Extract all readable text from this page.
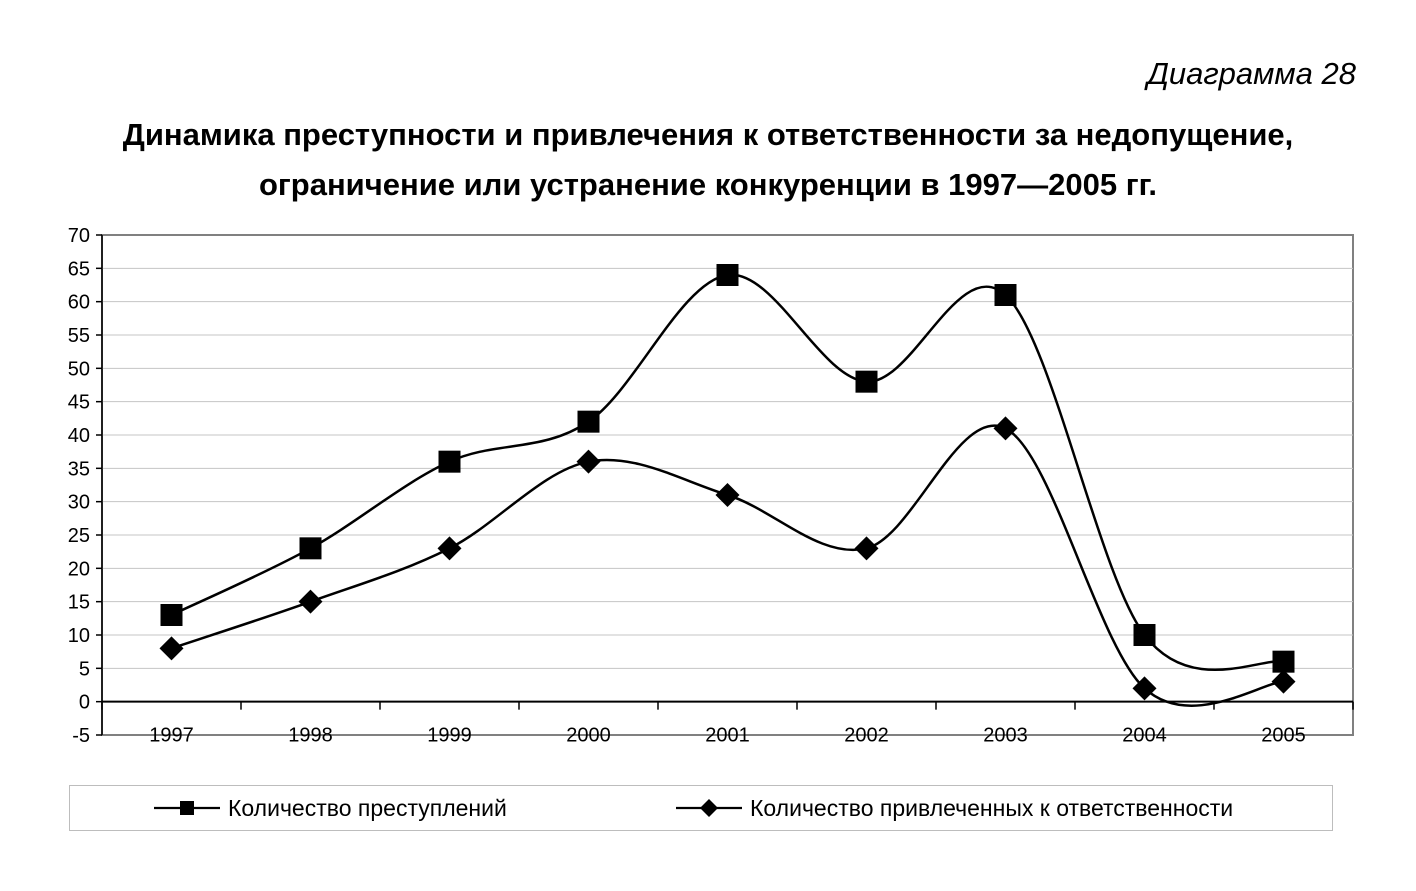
Диаграмма 28
Динамика преступности и привлечения к ответственности за недопущение,
ограничение или устранение конкуренции в 1997—2005 гг.
-5
0
5
10
15
20
25
30
35
40
45
50
55
60
65
70
1997	1998	1999	2000	2001	2002	2003	2004	2005
Количество преступлений	Количество привлеченных к ответственности
